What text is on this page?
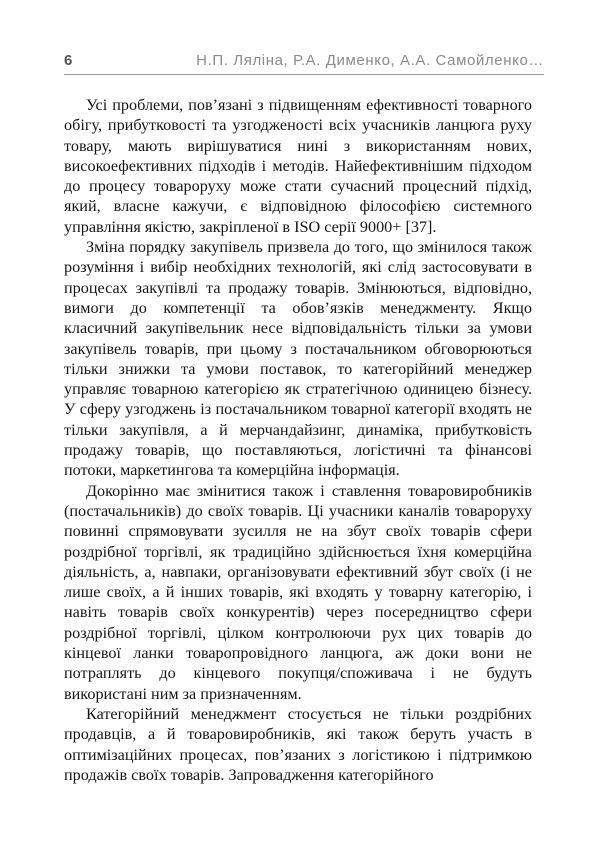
6	Н.П. Ляліна, Р.А. Дименко, А.А. Самойленко…

Усі проблеми, пов’язані з підвищенням ефективності товарного обігу, прибутковості та узгодженості всіх учасників ланцюга руху товару, мають вирішуватися нині з використанням нових, високоефективних підходів і методів. Найефективнішим підходом до процесу товароруху може стати сучасний процесний підхід, який, власне кажучи, є відповідною філософією системного управління якістю, закріпленої в ISO серії 9000+ [37].

Зміна порядку закупівель призвела до того, що змінилося також розуміння і вибір необхідних технологій, які слід застосовувати в процесах закупівлі та продажу товарів. Змінюються, відповідно, вимоги до компетенції та обов’язків менеджменту. Якщо класичний закупівельник несе відповідальність тільки за умови закупівель товарів, при цьому з постачальником обговорюються тільки знижки та умови поставок, то категорійний менеджер управляє товарною категорією як стратегічною одиницею бізнесу. У сферу узгоджень із постачальником товарної категорії входять не тільки закупівля, а й мерчандайзинг, динаміка, прибутковість продажу товарів, що поставляються, логістичні та фінансові потоки, маркетингова та комерційна інформація.

Докорінно має змінитися також і ставлення товаровиробників (постачальників) до своїх товарів. Ці учасники каналів товароруху повинні спрямовувати зусилля не на збут своїх товарів сфери роздрібної торгівлі, як традиційно здійснюється їхня комерційна діяльність, а, навпаки, організовувати ефективний збут своїх (і не лише своїх, а й інших товарів, які входять у товарну категорію, і навіть товарів своїх конкурентів) через посередництво сфери роздрібної торгівлі, цілком контролюючи рух цих товарів до кінцевої ланки товаропровідного ланцюга, аж доки вони не потраплять до кінцевого покупця/споживача і не будуть використані ним за призначенням.

Категорійний менеджмент стосується не тільки роздрібних продавців, а й товаровиробників, які також беруть участь в оптимізаційних процесах, пов’язаних з логістикою і підтримкою продажів своїх товарів. Запровадження категорійного
